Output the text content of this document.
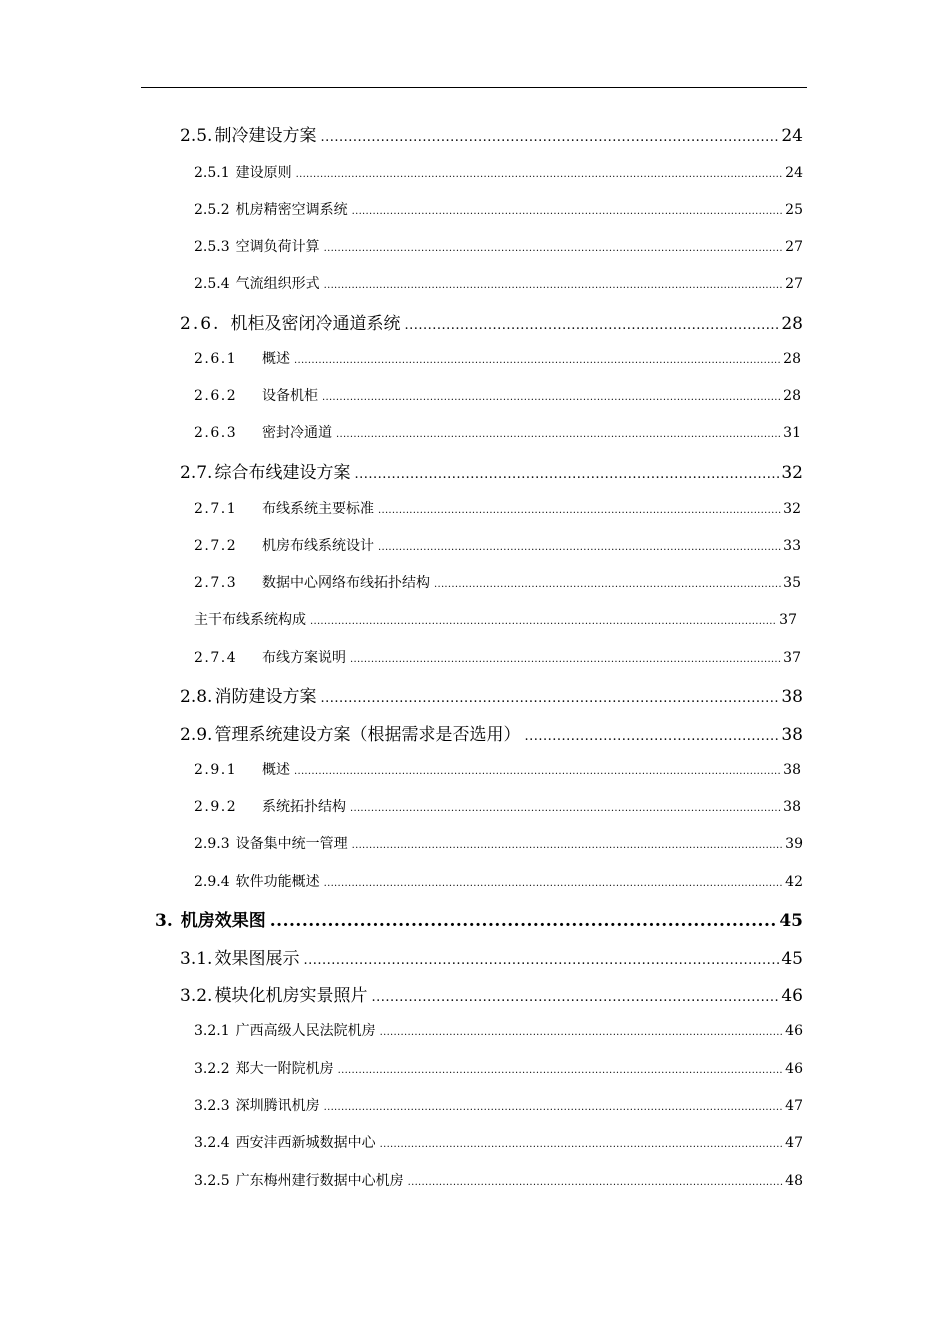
2.5. 制冷建设方案 .....	24
2.5.1 建设原则 .....	24
2.5.2 机房精密空调系统 .....	25
2.5.3 空调负荷计算 .....	27
2.5.4 气流组织形式 .....	27
2.6. 机柜及密闭冷通道系统 .....	28
2.6.1	概述 .....	28
2.6.2	设备机柜 .....	28
2.6.3	密封冷通道 .....	31
2.7. 综合布线建设方案 .....	32
2.7.1	布线系统主要标准 .....	32
2.7.2	机房布线系统设计 .....	33
2.7.3	数据中心网络布线拓扑结构 .....	35
主干布线系统构成 .....	37
2.7.4	布线方案说明 .....	37
2.8. 消防建设方案 .....	38
2.9. 管理系统建设方案（根据需求是否选用） .....	38
2.9.1	概述 .....	38
2.9.2	系统拓扑结构 .....	38
2.9.3 设备集中统一管理 .....	39
2.9.4 软件功能概述 .....	42
3. 机房效果图 .....	45
3.1. 效果图展示 .....	45
3.2. 模块化机房实景照片 .....	46
3.2.1 广西高级人民法院机房 .....	46
3.2.2 郑大一附院机房 .....	46
3.2.3 深圳腾讯机房 .....	47
3.2.4 西安沣西新城数据中心 .....	47
3.2.5 广东梅州建行数据中心机房 .....	48
